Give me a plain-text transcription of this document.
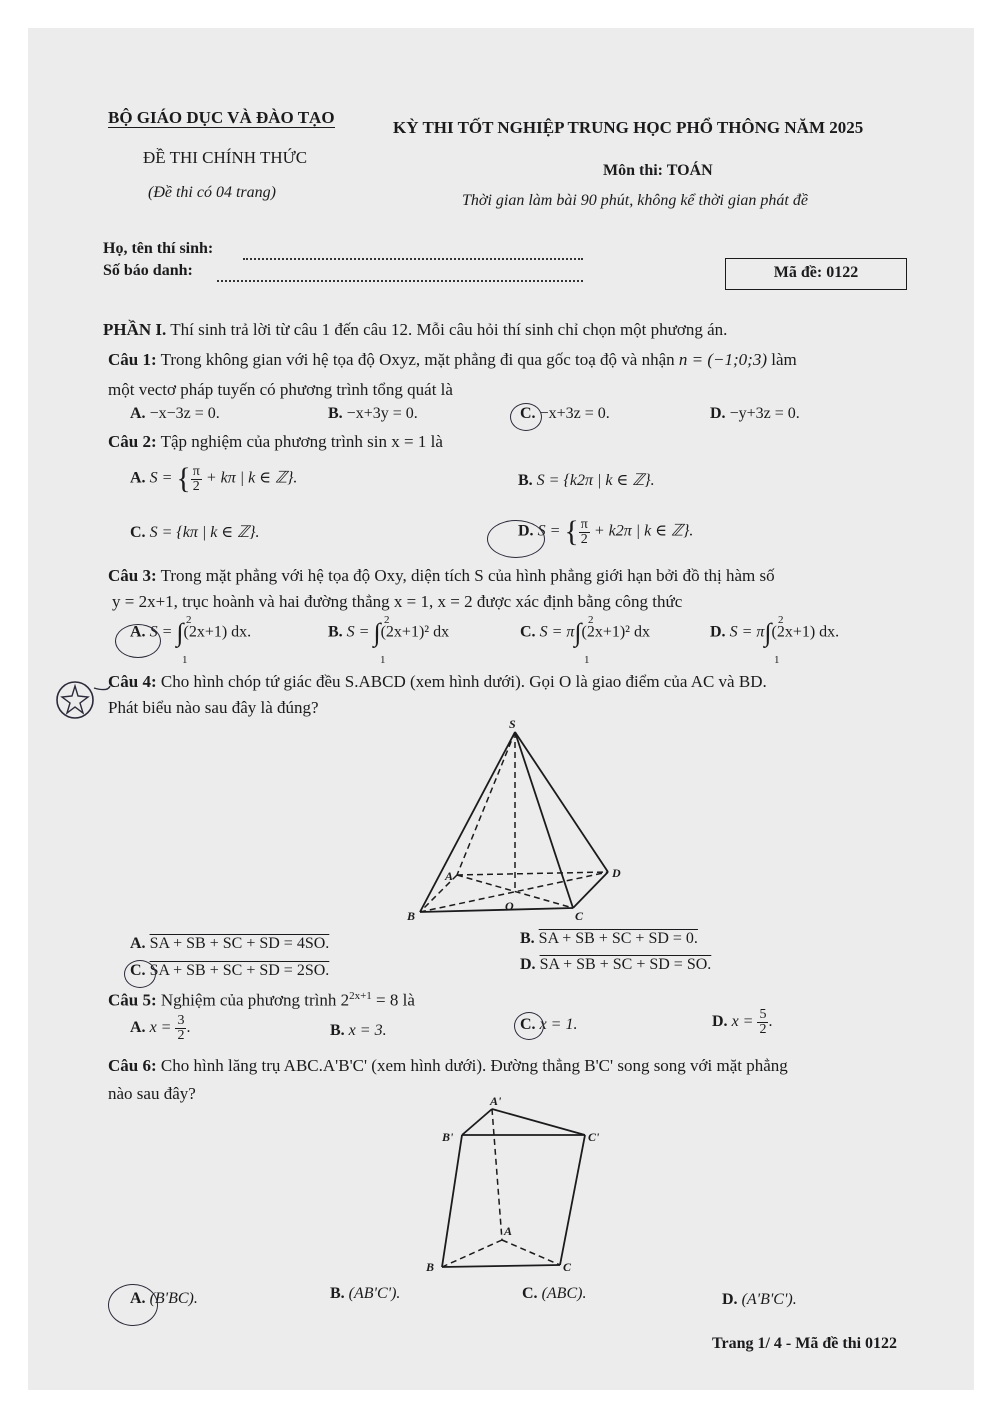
BỘ GIÁO DỤC VÀ ĐÀO TẠO
ĐỀ THI CHÍNH THỨC
(Đề thi có 04 trang)
KỲ THI TỐT NGHIỆP TRUNG HỌC PHỔ THÔNG NĂM 2025
Môn thi: TOÁN
Thời gian làm bài 90 phút, không kể thời gian phát đề
Họ, tên thí sinh:
Số báo danh:	Mã đề: 0122
PHẦN I. Thí sinh trả lời từ câu 1 đến câu 12. Mỗi câu hỏi thí sinh chỉ chọn một phương án.
Câu 1: Trong không gian với hệ tọa độ Oxyz, mặt phẳng đi qua gốc toạ độ và nhận n = (−1;0;3) làm
một vectơ pháp tuyến có phương trình tổng quát là
A. −x−3z = 0.	B. −x+3y = 0.	C. −x+3z = 0.	D. −y+3z = 0.
Câu 2: Tập nghiệm của phương trình sin x = 1 là
A. S = { $\frac{\pi}{2} + k\pi$ | k ∈ ℤ}.	B. S = {k2π | k ∈ ℤ}.
C. S = {kπ | k ∈ ℤ}.	D. S = { $\frac{\pi}{2} + k2\pi$ | k ∈ ℤ}.
Câu 3: Trong mặt phẳng với hệ tọa độ Oxy, diện tích S của hình phẳng giới hạn bởi đồ thị hàm số
y = 2x+1, trục hoành và hai đường thẳng x = 1, x = 2 được xác định bằng công thức
A. S = ∫ 2
1
(2x+1) dx.	B. S = ∫ 2
1
(2x+1)² dx	C. S = π∫ 2
1
(2x+1)² dx	D. S = π∫ 2
1
(2x+1) dx.
Câu 4: Cho hình chóp tứ giác đều S.ABCD (xem hình dưới). Gọi O là giao điểm của AC và BD.
Phát biểu nào sau đây là đúng?
S
A
B	C
D
O
A. SA + SB + SC + SD = 4SO.	B. SA + SB + SC + SD = 0.
C. SA + SB + SC + SD = 2SO.	D. SA + SB + SC + SD = SO.
Câu 5: Nghiệm của phương trình $2^{2x+1} = 8$ là
A. $x = \frac{3}{2}$ .	B. x = 3.	C. x = 1.	D. $x = \frac{5}{2}$ .
Câu 6: Cho hình lăng trụ ABC.A'B'C' (xem hình dưới). Đường thẳng B'C' song song với mặt phẳng
nào sau đây?	A'
B'	C'
A
B	C
A. (B'BC).	B. (AB'C').	C. (ABC).	D. (A'B'C').
Trang 1/ 4 - Mã đề thi 0122
